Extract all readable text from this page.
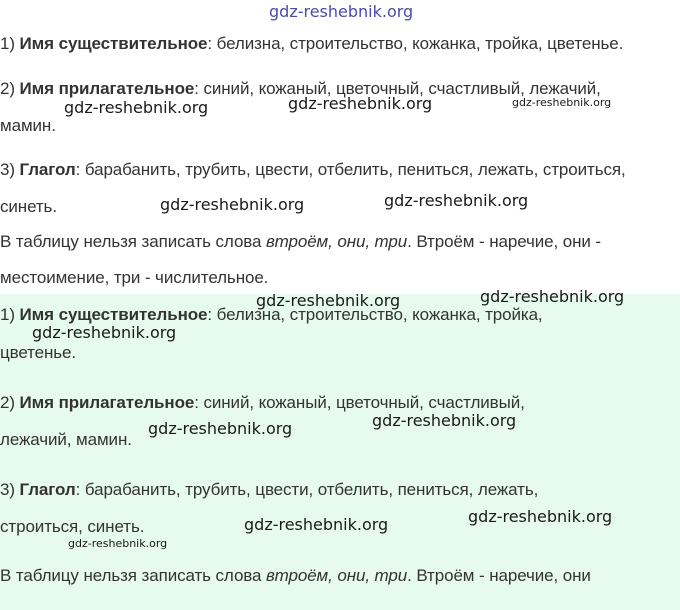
gdz-reshebnik.org
1) Имя существительное: белизна, строительство, кожанка, тройка, цветенье.
2) Имя прилагательное: синий, кожаный, цветочный, счастливый, лежачий,
мамин.
3) Глагол: барабанить, трубить, цвести, отбелить, пениться, лежать, строиться,
синеть.
В таблицу нельзя записать слова втроём, они, три. Втроём - наречие, они -
местоимение, три - числительное.
1) Имя существительное: белизна, строительство, кожанка, тройка,
цветенье.
2) Имя прилагательное: синий, кожаный, цветочный, счастливый,
лежачий, мамин.
3) Глагол: барабанить, трубить, цвести, отбелить, пениться, лежать,
строиться, синеть.
В таблицу нельзя записать слова втроём, они, три. Втроём - наречие, они
gdz-reshebnik.org	gdz-reshebnik.org	gdz-reshebnik.org
gdz-reshebnik.org	gdz-reshebnik.org
gdz-reshebnik.org	gdz-reshebnik.org
gdz-reshebnik.org
gdz-reshebnik.org	gdz-reshebnik.org
gdz-reshebnik.org	gdz-reshebnik.org
gdz-reshebnik.org
